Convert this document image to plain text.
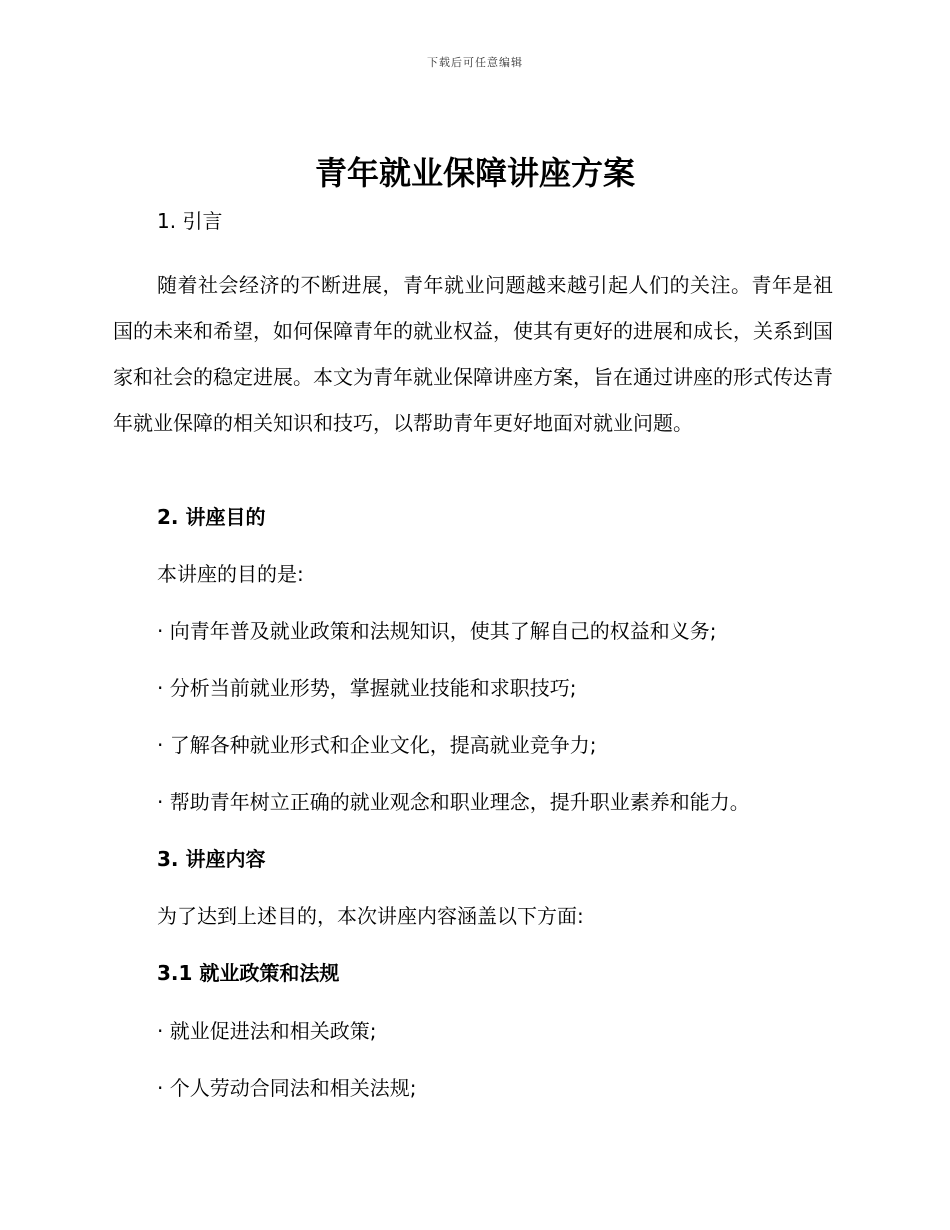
下载后可任意编辑
青年就业保障讲座方案

1. 引言

随着社会经济的不断进展，青年就业问题越来越引起人们的关注。青年是祖国的未来和希望，如何保障青年的就业权益，使其有更好的进展和成长，关系到国家和社会的稳定进展。本文为青年就业保障讲座方案，旨在通过讲座的形式传达青年就业保障的相关知识和技巧，以帮助青年更好地面对就业问题。

2. 讲座目的

本讲座的目的是:

· 向青年普及就业政策和法规知识，使其了解自己的权益和义务;

· 分析当前就业形势，掌握就业技能和求职技巧;

· 了解各种就业形式和企业文化，提高就业竞争力;

· 帮助青年树立正确的就业观念和职业理念，提升职业素养和能力。

3. 讲座内容

为了达到上述目的，本次讲座内容涵盖以下方面:

3.1 就业政策和法规

· 就业促进法和相关政策;

· 个人劳动合同法和相关法规;
